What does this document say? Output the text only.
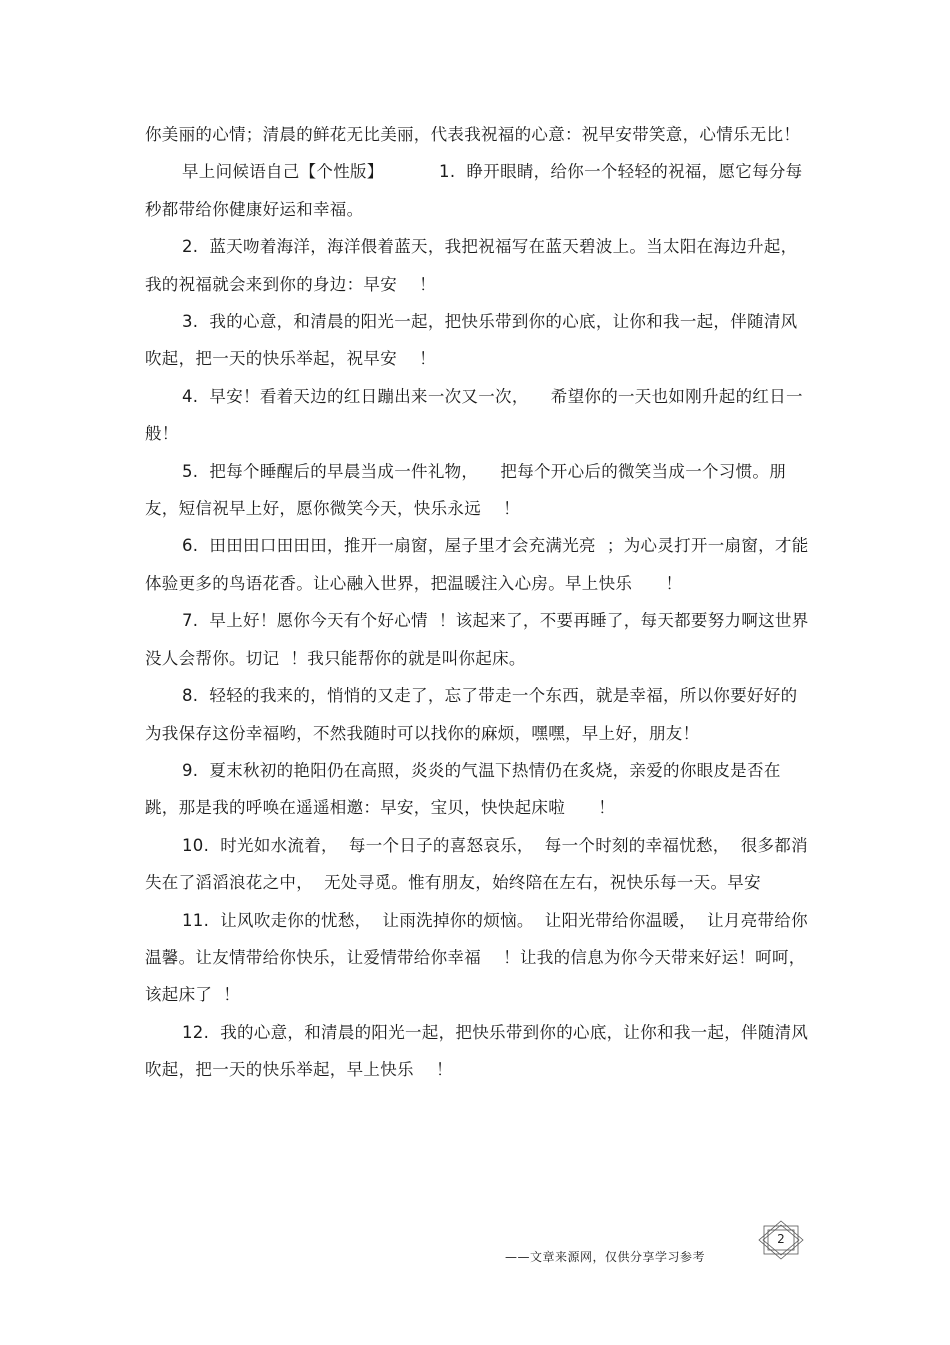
你美丽的心情；清晨的鲜花无比美丽，代表我祝福的心意：祝早安带笑意，心情乐无比！

早上问候语自己【个性版】          1.  睁开眼睛，给你一个轻轻的祝福，愿它每分每秒都带给你健康好运和幸福。

2.  蓝天吻着海洋，海洋偎着蓝天，我把祝福写在蓝天碧波上。当太阳在海边升起，我的祝福就会来到你的身边：早安    ！

3.  我的心意，和清晨的阳光一起，把快乐带到你的心底，让你和我一起，伴随清风吹起，把一天的快乐举起，祝早安    ！

4.  早安！看着天边的红日蹦出来一次又一次，    希望你的一天也如刚升起的红日一般！

5.  把每个睡醒后的早晨当成一件礼物，    把每个开心后的微笑当成一个习惯。朋友，短信祝早上好，愿你微笑今天，快乐永远    ！

6.  田田田口田田田，推开一扇窗，屋子里才会充满光亮  ；为心灵打开一扇窗，才能体验更多的鸟语花香。让心融入世界，把温暖注入心房。早上快乐      ！

7.  早上好！愿你今天有个好心情  ！该起来了，不要再睡了，每天都要努力啊这世界没人会帮你。切记  ！我只能帮你的就是叫你起床。

8.  轻轻的我来的，悄悄的又走了，忘了带走一个东西，就是幸福，所以你要好好的为我保存这份幸福哟，不然我随时可以找你的麻烦，嘿嘿，早上好，朋友！

9.  夏末秋初的艳阳仍在高照，炎炎的气温下热情仍在炙烧，亲爱的你眼皮是否在跳，那是我的呼唤在遥遥相邀：早安，宝贝，快快起床啦      ！

10.  时光如水流着，  每一个日子的喜怒哀乐，  每一个时刻的幸福忧愁，  很多都消失在了滔滔浪花之中，  无处寻觅。惟有朋友，始终陪在左右，祝快乐每一天。早安

11.  让风吹走你的忧愁，  让雨洗掉你的烦恼。  让阳光带给你温暖，  让月亮带给你温馨。让友情带给你快乐，让爱情带给你幸福    ！让我的信息为你今天带来好运！呵呵，该起床了  ！

12.  我的心意，和清晨的阳光一起，把快乐带到你的心底，让你和我一起，伴随清风吹起，把一天的快乐举起，早上快乐    ！

——文章来源网，仅供分享学习参考
2
